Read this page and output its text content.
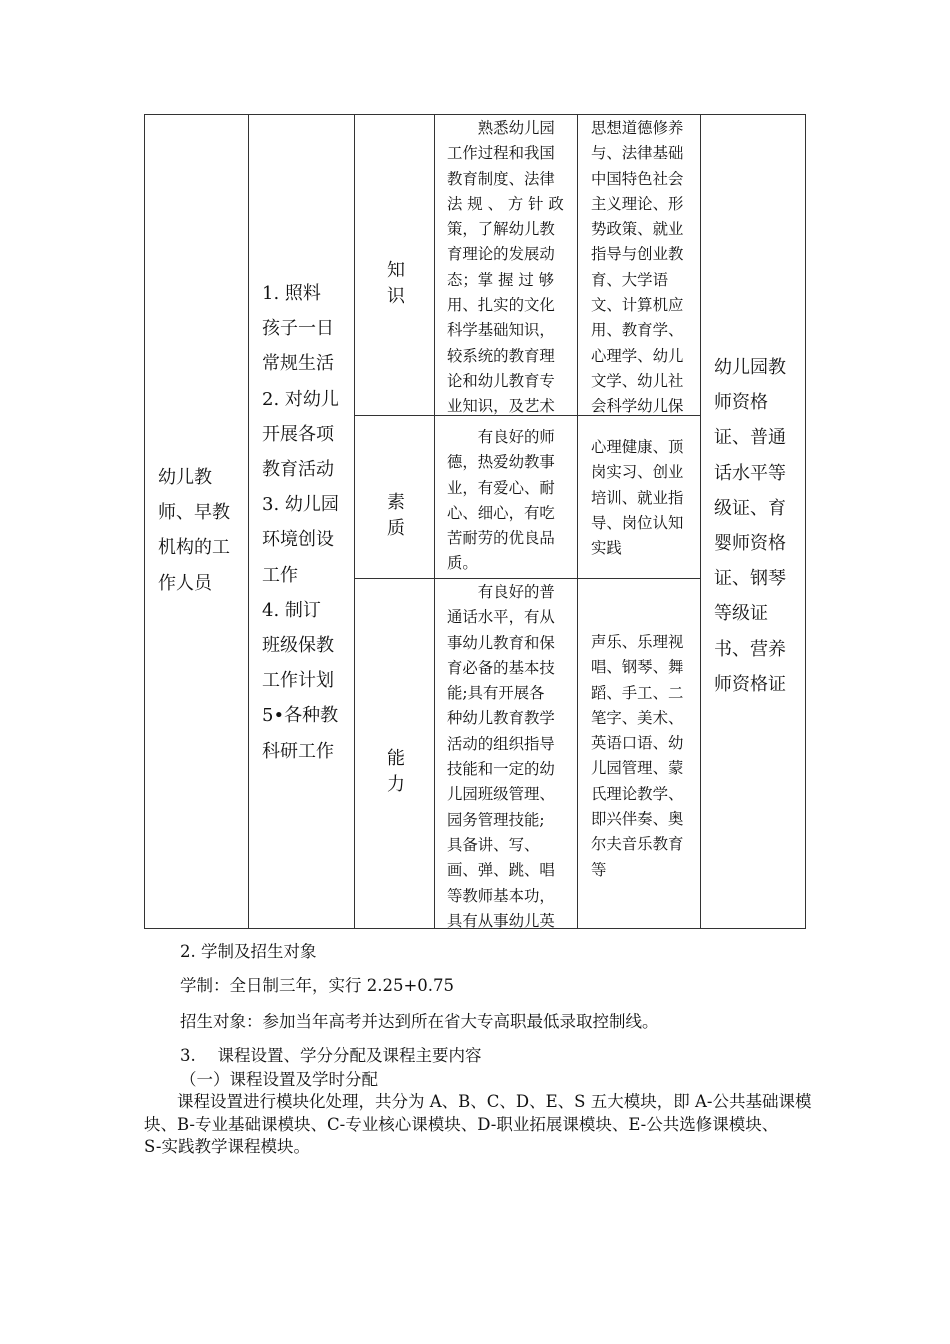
幼儿教
师、早教
机构的工
作人员
1. 照料
孩子一日
常规生活
2. 对幼儿
开展各项
教育活动
3. 幼儿园
环境创设
工作
4. 制订
班级保教
工作计划
5•各种教
科研工作
知识
素质
能力
　　熟悉幼儿园
工作过程和我国
教育制度、法律
法 规 、 方 针 政
策，了解幼儿教
育理论的发展动
态；掌 握 过 够
用、扎实的文化
科学基础知识，
较系统的教育理
论和幼儿教育专
业知识，及艺术
　　有良好的师
德，热爱幼教事
业，有爱心、耐
心、细心，有吃
苦耐劳的优良品
质。
　　有良好的普
通话水平，有从
事幼儿教育和保
育必备的基本技
能;具有开展各
种幼儿教育教学
活动的组织指导
技能和一定的幼
儿园班级管理、
园务管理技能;
具备讲、写、
画、弹、跳、唱
等教师基本功，
具有从事幼儿英
思想道德修养
与、法律基础
中国特色社会
主义理论、形
势政策、就业
指导与创业教
育、大学语
文、计算机应
用、教育学、
心理学、幼儿
文学、幼儿社
会科学幼儿保
心理健康、顶
岗实习、创业
培训、就业指
导、岗位认知
实践
声乐、乐理视
唱、钢琴、舞
蹈、手工、二
笔字、美术、
英语口语、幼
儿园管理、蒙
氏理论教学、
即兴伴奏、奥
尔夫音乐教育
等
幼儿园教
师资格
证、普通
话水平等
级证、育
婴师资格
证、钢琴
等级证
书、营养
师资格证
2. 学制及招生对象
学制：全日制三年，实行 2.25+0.75
招生对象：参加当年高考并达到所在省大专高职最低录取控制线。
3.　 课程设置、学分分配及课程主要内容
（一）课程设置及学时分配
　　课程设置进行模块化处理，共分为 A、B、C、D、E、S 五大模块，即 A-公共基础课模
块、B-专业基础课模块、C-专业核心课模块、D-职业拓展课模块、E-公共选修课模块、
S-实践教学课程模块。
